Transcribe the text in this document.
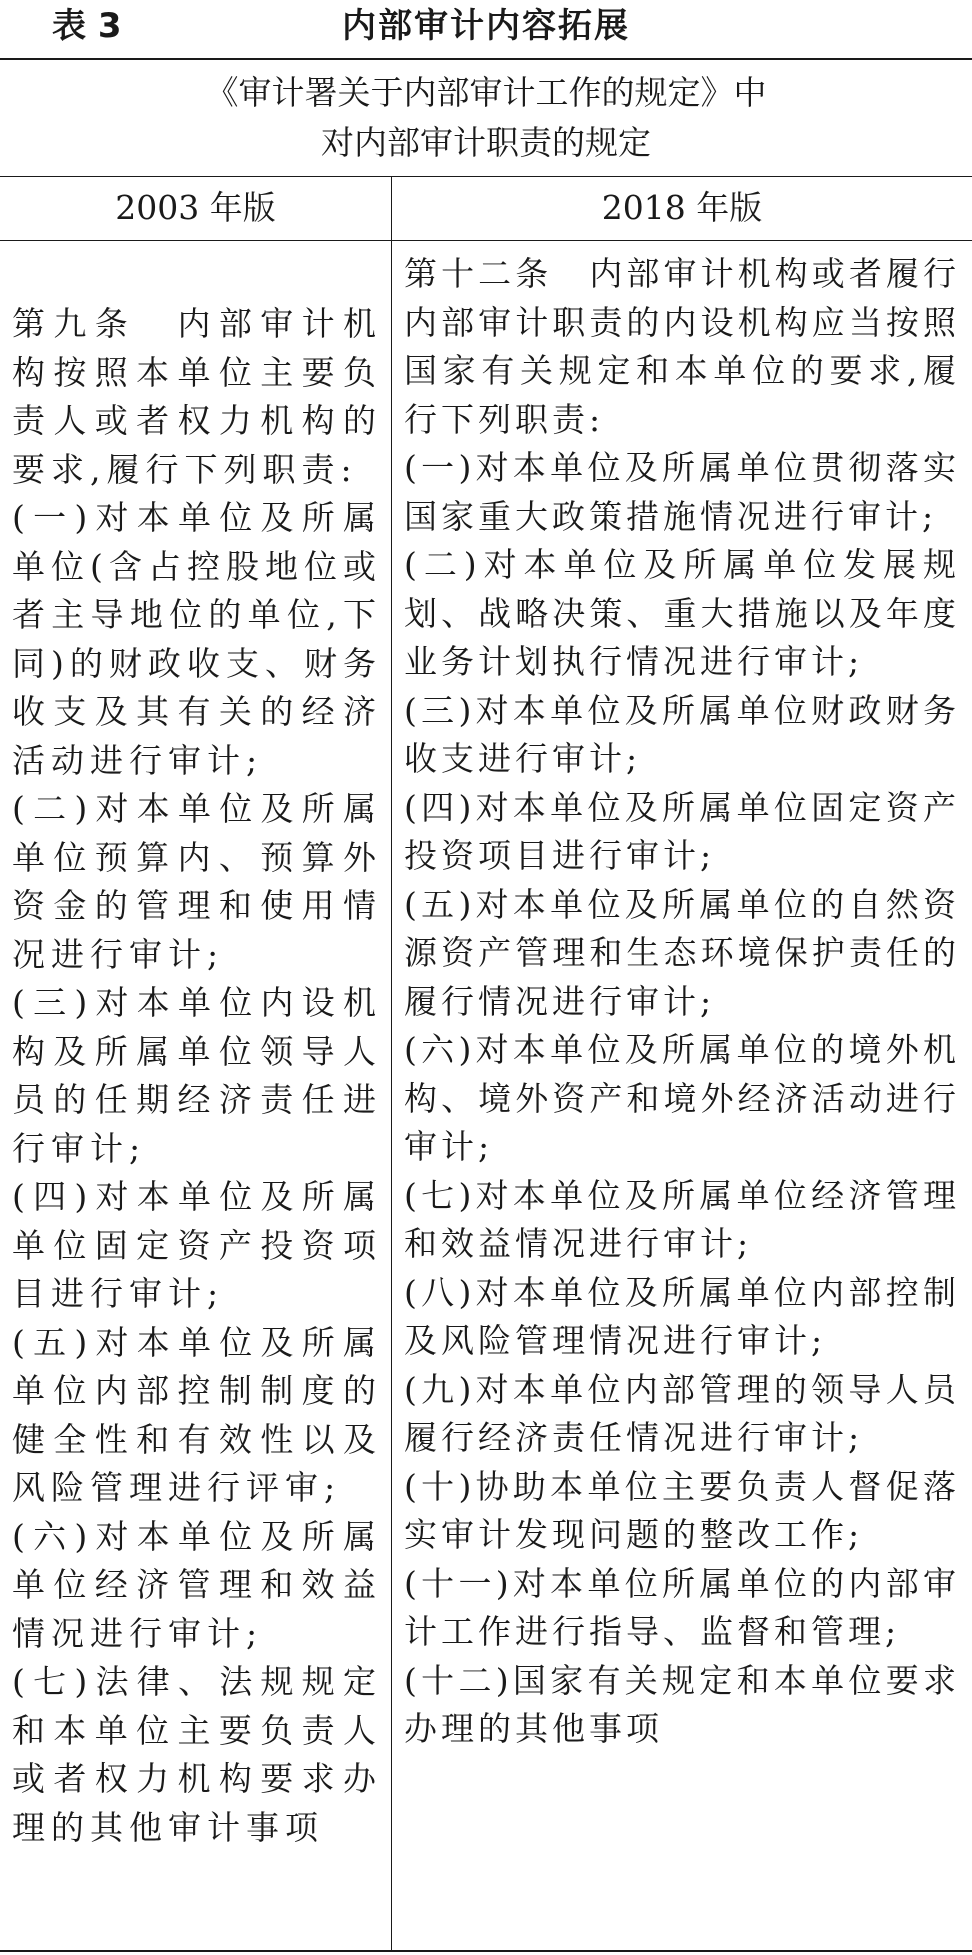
表 3	内部审计内容拓展
《审计署关于内部审计工作的规定》中
对内部审计职责的规定
2003 年版	2018 年版
第九条　内部审计机构按照本单位主要负责人或者权力机构的要求,履行下列职责:
(一)对本单位及所属单位(含占控股地位或者主导地位的单位,下同)的财政收支、财务收支及其有关的经济活动进行审计;
(二)对本单位及所属单位预算内、预算外资金的管理和使用情况进行审计;
(三)对本单位内设机构及所属单位领导人员的任期经济责任进行审计;
(四)对本单位及所属单位固定资产投资项目进行审计;
(五)对本单位及所属单位内部控制制度的健全性和有效性以及风险管理进行评审;
(六)对本单位及所属单位经济管理和效益情况进行审计;
(七)法律、法规规定和本单位主要负责人或者权力机构要求办理的其他审计事项
第十二条　内部审计机构或者履行内部审计职责的内设机构应当按照国家有关规定和本单位的要求,履行下列职责:
(一)对本单位及所属单位贯彻落实国家重大政策措施情况进行审计;
(二)对本单位及所属单位发展规划、战略决策、重大措施以及年度业务计划执行情况进行审计;
(三)对本单位及所属单位财政财务收支进行审计;
(四)对本单位及所属单位固定资产投资项目进行审计;
(五)对本单位及所属单位的自然资源资产管理和生态环境保护责任的履行情况进行审计;
(六)对本单位及所属单位的境外机构、境外资产和境外经济活动进行审计;
(七)对本单位及所属单位经济管理和效益情况进行审计;
(八)对本单位及所属单位内部控制及风险管理情况进行审计;
(九)对本单位内部管理的领导人员履行经济责任情况进行审计;
(十)协助本单位主要负责人督促落实审计发现问题的整改工作;
(十一)对本单位所属单位的内部审计工作进行指导、监督和管理;
(十二)国家有关规定和本单位要求办理的其他事项
